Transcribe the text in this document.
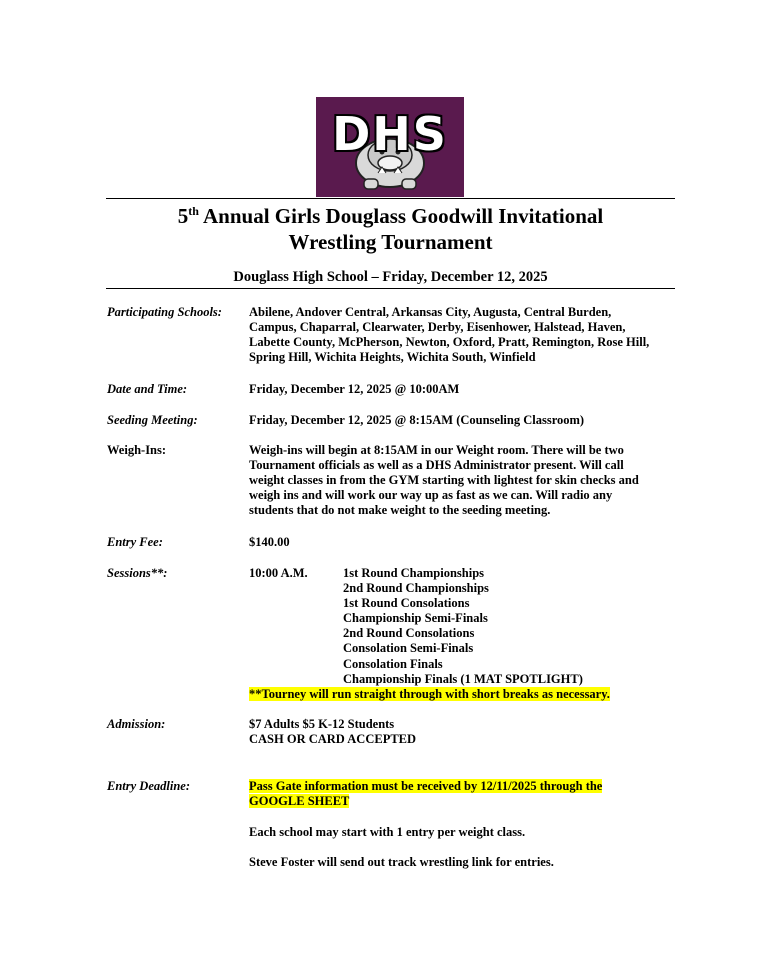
DHS
5th Annual Girls Douglass Goodwill Invitational
Wrestling Tournament
Douglass High School – Friday, December 12, 2025
Participating Schools: Abilene, Andover Central, Arkansas City, Augusta, Central Burden,
Campus, Chaparral, Clearwater, Derby, Eisenhower, Halstead, Haven,
Labette County, McPherson, Newton, Oxford, Pratt, Remington, Rose Hill,
Spring Hill, Wichita Heights, Wichita South, Winfield
Date and Time:	Friday, December 12, 2025 @ 10:00AM
Seeding Meeting:	Friday, December 12, 2025 @ 8:15AM (Counseling Classroom)
Weigh-Ins:	Weigh-ins will begin at 8:15AM in our Weight room. There will be two
Tournament officials as well as a DHS Administrator present. Will call
weight classes in from the GYM starting with lightest for skin checks and
weigh ins and will work our way up as fast as we can. Will radio any
students that do not make weight to the seeding meeting.
Entry Fee:	$140.00
Sessions**:	10:00 A.M.	1st Round Championships
2nd Round Championships
1st Round Consolations
Championship Semi-Finals
2nd Round Consolations
Consolation Semi-Finals
Consolation Finals
Championship Finals (1 MAT SPOTLIGHT)
**Tourney will run straight through with short breaks as necessary.
Admission:	$7 Adults $5 K-12 Students
CASH OR CARD ACCEPTED
Entry Deadline:	Pass Gate information must be received by 12/11/2025 through the
GOOGLE SHEET
Each school may start with 1 entry per weight class.
Steve Foster will send out track wrestling link for entries.
